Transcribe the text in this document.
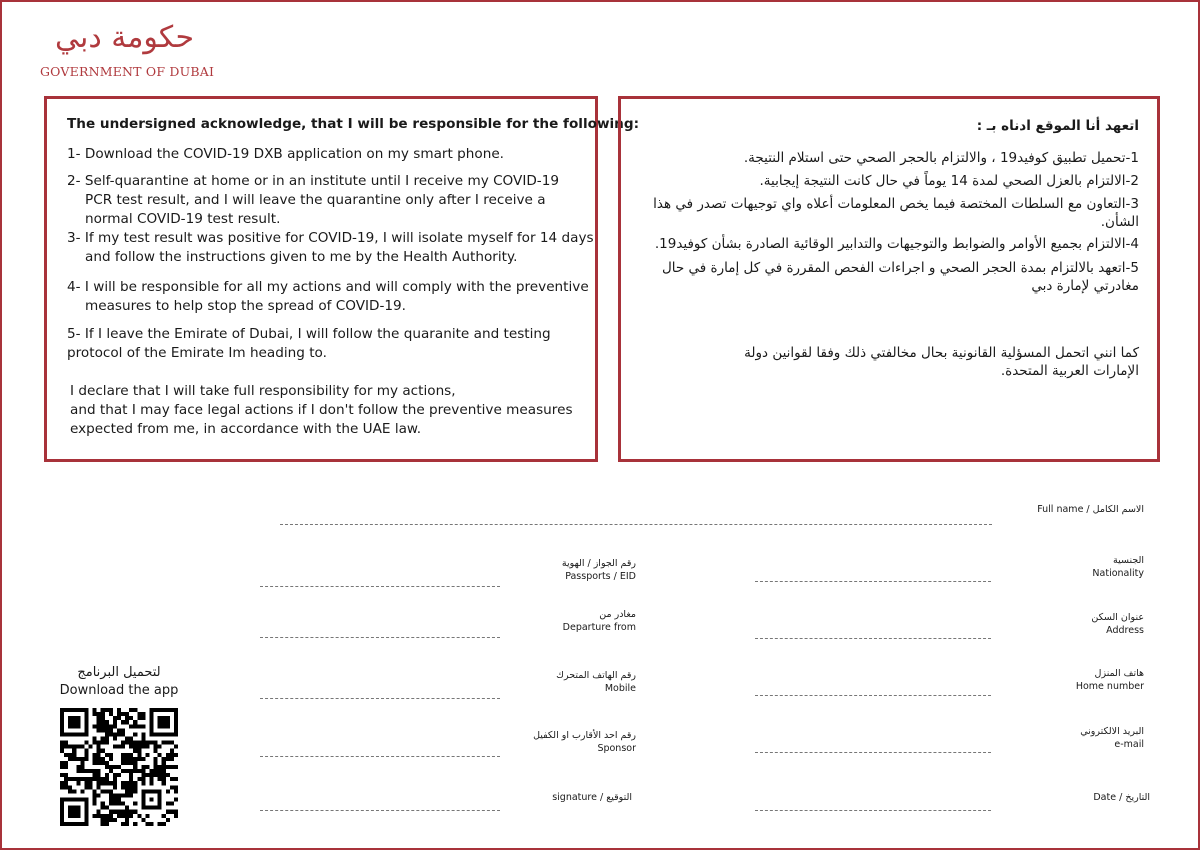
حكومة دبي
GOVERNMENT OF DUBAI
The undersigned acknowledge, that I will be responsible for the following:
1- Download the COVID-19 DXB application on my smart phone.
2- Self-quarantine at home or in an institute until I receive my COVID-19
PCR test result, and I will leave the quarantine only after I receive a normal COVID-19 test result.
3- If my test result was positive for COVID-19, I will isolate myself for 14 days
and follow the instructions given to me by the Health Authority.
4- I will be responsible for all my actions and will comply with the preventive
measures to help stop the spread of COVID-19.
5- If I leave the Emirate of Dubai, I will follow the quaranite and testing
protocol of the Emirate Im heading to.
I declare that I will take full responsibility for my actions,
and that I may face legal actions if I don't follow the preventive measures
expected from me, in accordance with the UAE law.
اتعهد أنا الموقع ادناه بـ :
1-تحميل تطبيق كوفيد19 ، والالتزام بالحجر الصحي حتى استلام النتيجة.
2-الالتزام بالعزل الصحي لمدة 14 يوماً في حال كانت النتيجة إيجابية.
3-التعاون مع السلطات المختصة فيما يخص المعلومات أعلاه واي توجيهات تصدر في هذا الشأن.
4-الالتزام بجميع الأوامر والضوابط والتوجيهات والتدابير الوقائية الصادرة بشأن كوفيد19.
5-اتعهد بالالتزام بمدة الحجر الصحي و اجراءات الفحص المقررة في كل إمارة في حال مغادرتي لإمارة دبي
كما انني اتحمل المسؤلية القانونية بحال مخالفتي ذلك وفقا لقوانين دولة الإمارات العربية المتحدة.
Full name / الاسم الكامل
الجنسية
Nationality
عنوان السكن
Address
هاتف المنزل
Home number
البريد الالكتروني
e-mail
Date / التاريخ
رقم الجواز / الهوية
Passports / EID
مغادر من
Departure from
رقم الهاتف المتحرك
Mobile
رقم احد الأقارب او الكفيل
Sponsor
signature / التوقيع
لتحميل البرنامج
Download the app
